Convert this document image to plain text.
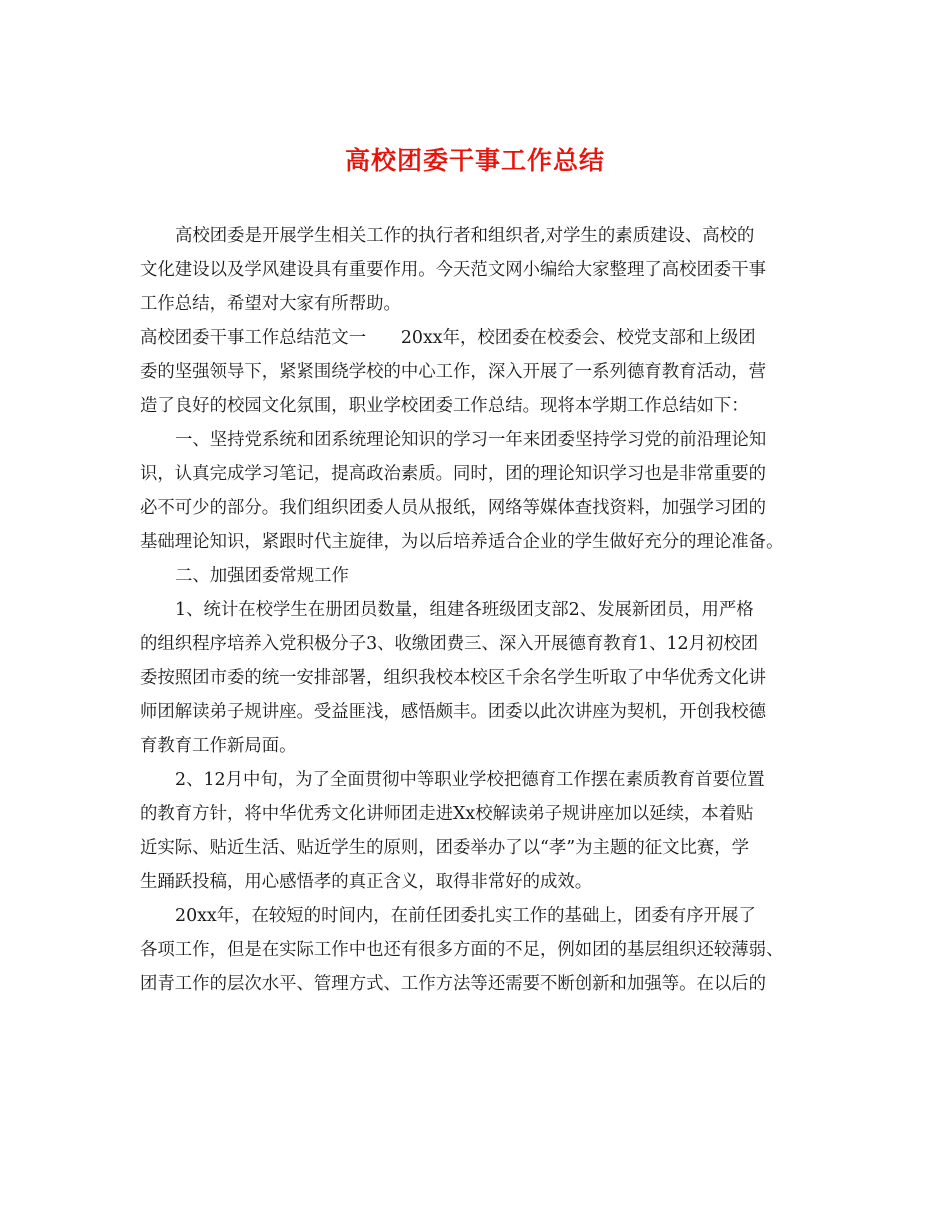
高校团委干事工作总结
高校团委是开展学生相关工作的执行者和组织者,对学生的素质建设、高校的
文化建设以及学风建设具有重要作用。今天范文网小编给大家整理了高校团委干事
工作总结，希望对大家有所帮助。
高校团委干事工作总结范文一　　20xx年，校团委在校委会、校党支部和上级团
委的坚强领导下，紧紧围绕学校的中心工作，深入开展了一系列德育教育活动，营
造了良好的校园文化氛围，职业学校团委工作总结。现将本学期工作总结如下：
一、坚持党系统和团系统理论知识的学习一年来团委坚持学习党的前沿理论知
识，认真完成学习笔记，提高政治素质。同时，团的理论知识学习也是非常重要的
必不可少的部分。我们组织团委人员从报纸，网络等媒体查找资料，加强学习团的
基础理论知识，紧跟时代主旋律，为以后培养适合企业的学生做好充分的理论准备。
二、加强团委常规工作
1、统计在校学生在册团员数量，组建各班级团支部2、发展新团员，用严格
的组织程序培养入党积极分子3、收缴团费三、深入开展德育教育1、12月初校团
委按照团市委的统一安排部署，组织我校本校区千余名学生听取了中华优秀文化讲
师团解读弟子规讲座。受益匪浅，感悟颇丰。团委以此次讲座为契机，开创我校德
育教育工作新局面。
2、12月中旬，为了全面贯彻中等职业学校把德育工作摆在素质教育首要位置
的教育方针，将中华优秀文化讲师团走进Xx校解读弟子规讲座加以延续，本着贴
近实际、贴近生活、贴近学生的原则，团委举办了以“孝”为主题的征文比赛，学
生踊跃投稿，用心感悟孝的真正含义，取得非常好的成效。
20xx年，在较短的时间内，在前任团委扎实工作的基础上，团委有序开展了
各项工作，但是在实际工作中也还有很多方面的不足，例如团的基层组织还较薄弱、
团青工作的层次水平、管理方式、工作方法等还需要不断创新和加强等。在以后的
